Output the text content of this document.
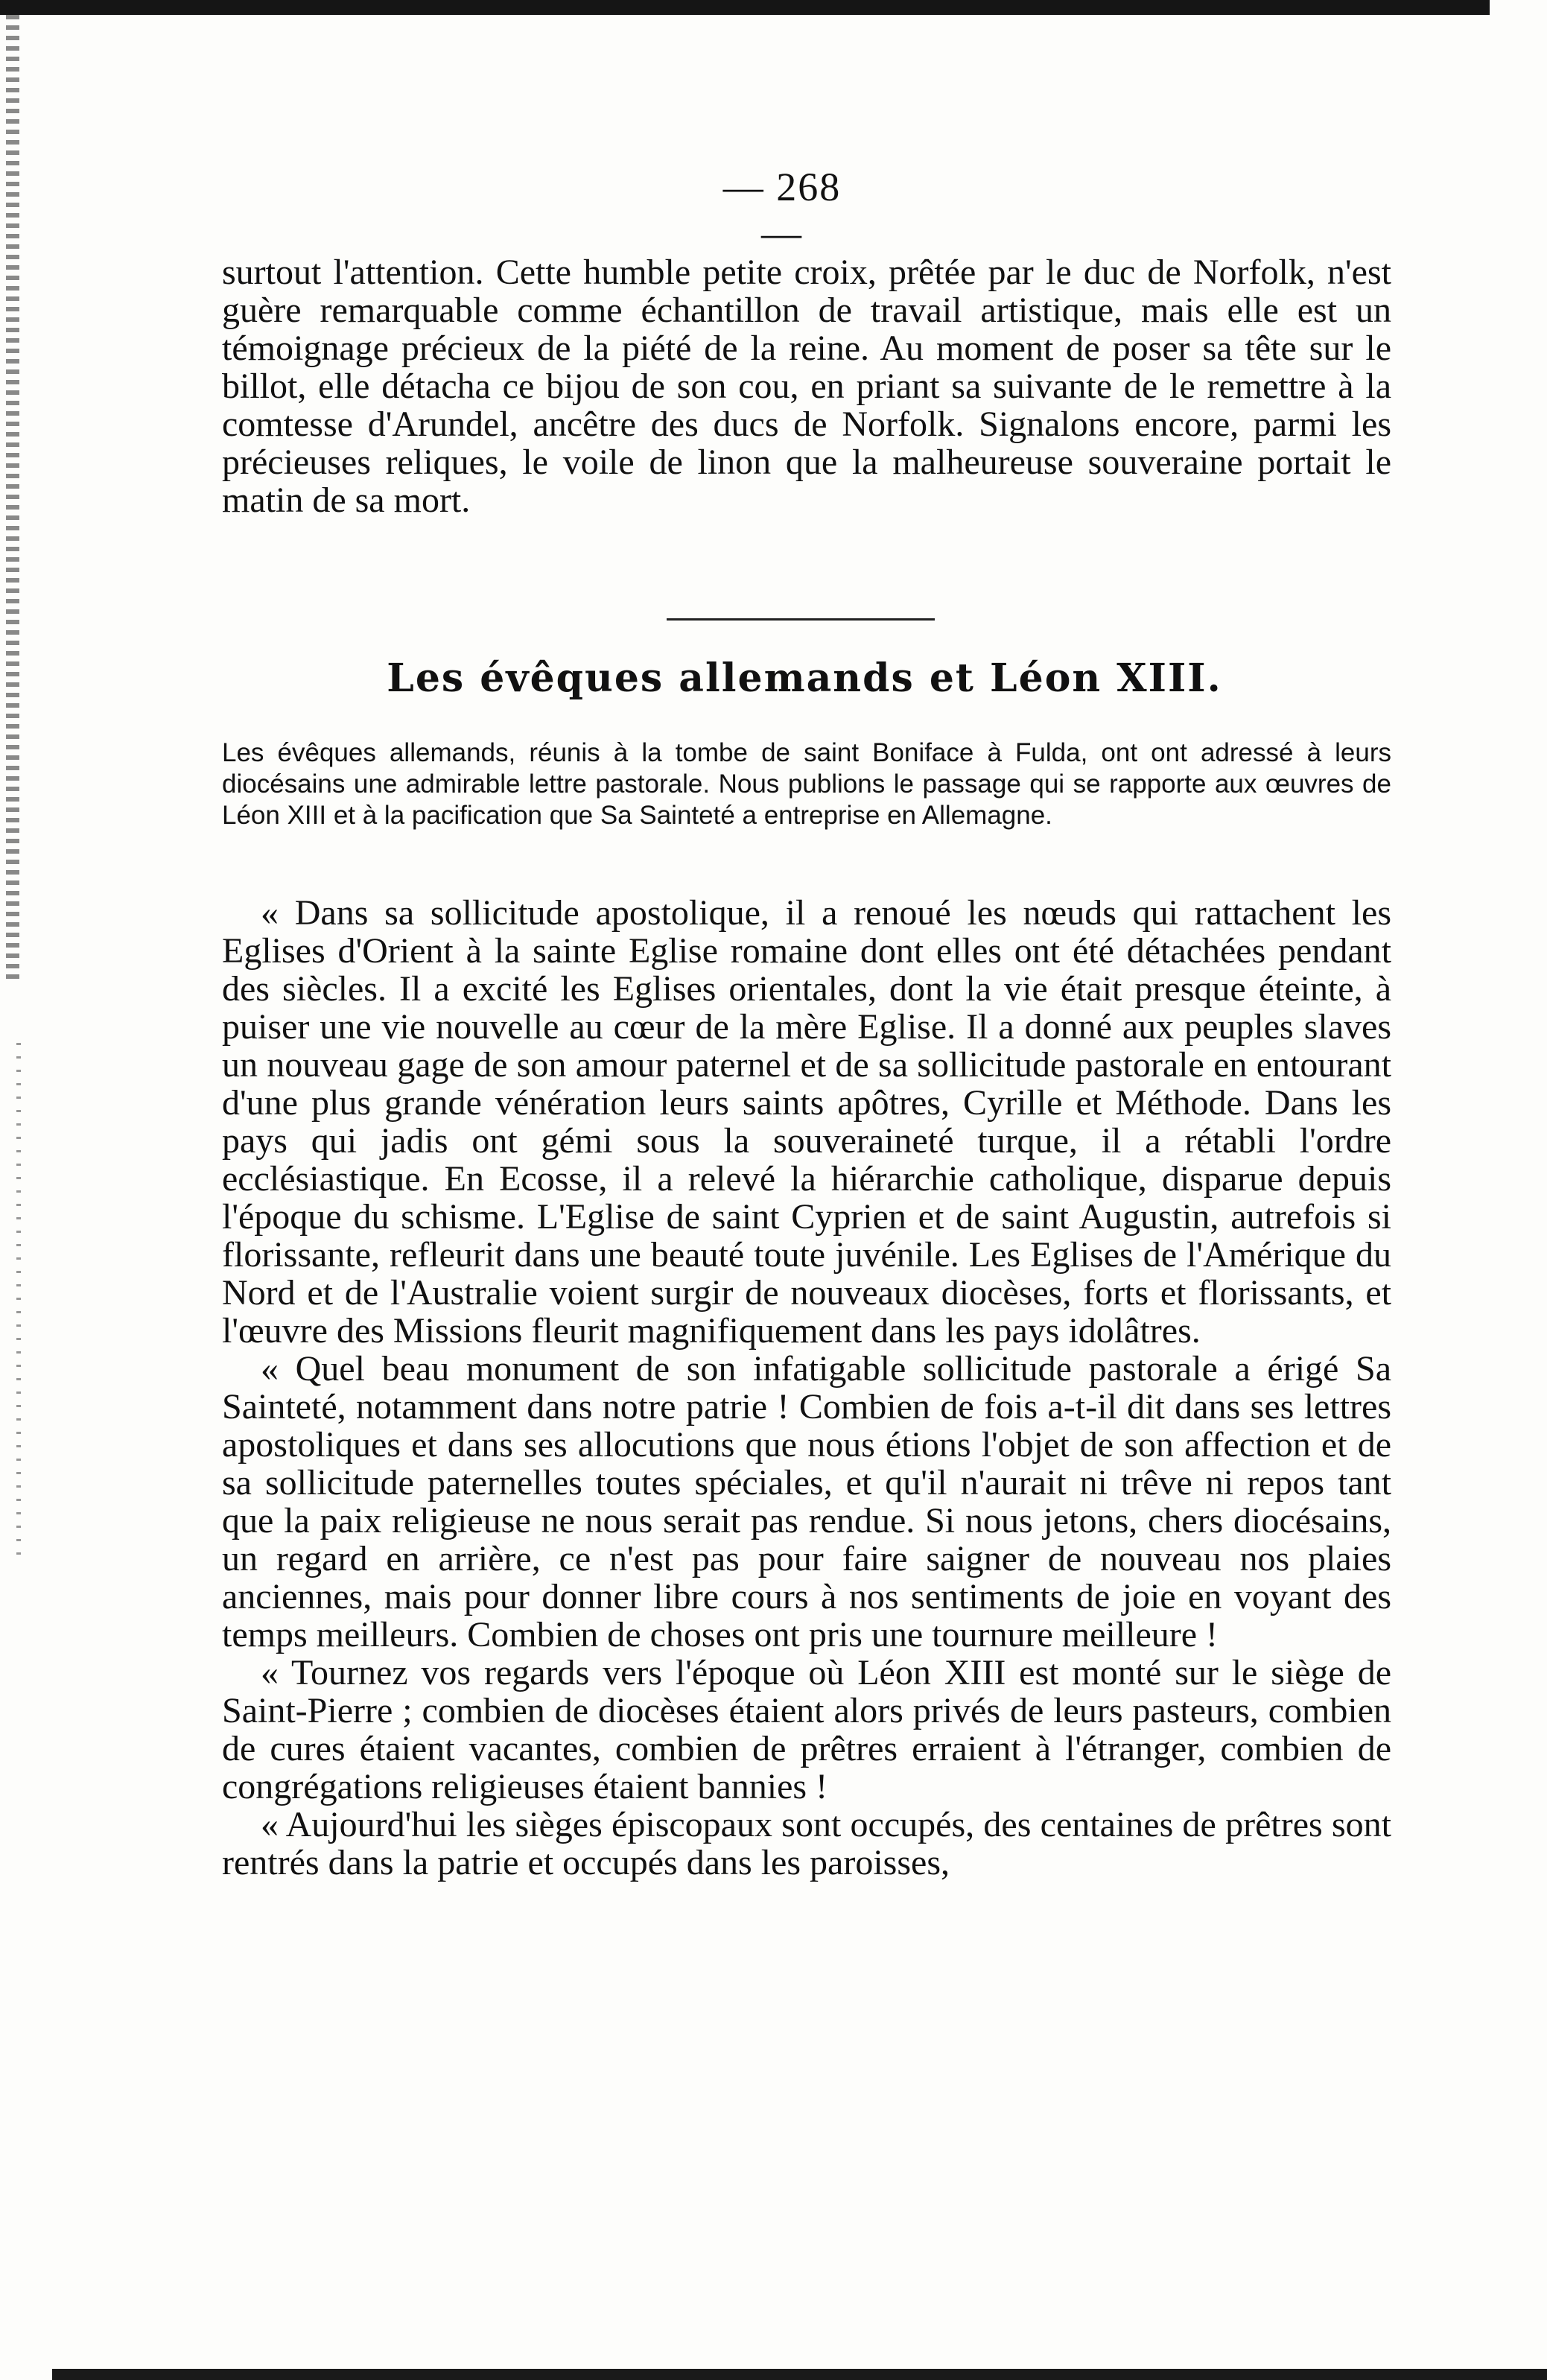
— 268 —

surtout l'attention. Cette humble petite croix, prêtée par le duc de Norfolk, n'est guère remarquable comme échantillon de travail artistique, mais elle est un témoignage précieux de la piété de la reine. Au moment de poser sa tête sur le billot, elle détacha ce bijou de son cou, en priant sa suivante de le remettre à la comtesse d'Arundel, ancêtre des ducs de Norfolk. Signalons encore, parmi les précieuses reliques, le voile de linon que la malheureuse souveraine portait le matin de sa mort.

Les évêques allemands et Léon XIII.
Les évêques allemands, réunis à la tombe de saint Boniface à Fulda, ont ont adressé à leurs diocésains une admirable lettre pastorale. Nous publions le passage qui se rapporte aux œuvres de Léon XIII et à la pacification que Sa Sainteté a entreprise en Allemagne.

« Dans sa sollicitude apostolique, il a renoué les nœuds qui rattachent les Eglises d'Orient à la sainte Eglise romaine dont elles ont été détachées pendant des siècles. Il a excité les Eglises orientales, dont la vie était presque éteinte, à puiser une vie nouvelle au cœur de la mère Eglise. Il a donné aux peuples slaves un nouveau gage de son amour paternel et de sa sollicitude pastorale en entourant d'une plus grande vénération leurs saints apôtres, Cyrille et Méthode. Dans les pays qui jadis ont gémi sous la souveraineté turque, il a rétabli l'ordre ecclésiastique. En Ecosse, il a relevé la hiérarchie catholique, disparue depuis l'époque du schisme. L'Eglise de saint Cyprien et de saint Augustin, autrefois si florissante, refleurit dans une beauté toute juvénile. Les Eglises de l'Amérique du Nord et de l'Australie voient surgir de nouveaux diocèses, forts et florissants, et l'œuvre des Missions fleurit magnifiquement dans les pays idolâtres.

« Quel beau monument de son infatigable sollicitude pastorale a érigé Sa Sainteté, notamment dans notre patrie ! Combien de fois a-t-il dit dans ses lettres apostoliques et dans ses allocutions que nous étions l'objet de son affection et de sa sollicitude paternelles toutes spéciales, et qu'il n'aurait ni trêve ni repos tant que la paix religieuse ne nous serait pas rendue. Si nous jetons, chers diocésains, un regard en arrière, ce n'est pas pour faire saigner de nouveau nos plaies anciennes, mais pour donner libre cours à nos sentiments de joie en voyant des temps meilleurs. Combien de choses ont pris une tournure meilleure !

« Tournez vos regards vers l'époque où Léon XIII est monté sur le siège de Saint-Pierre ; combien de diocèses étaient alors privés de leurs pasteurs, combien de cures étaient vacantes, combien de prêtres erraient à l'étranger, combien de congrégations religieuses étaient bannies !

« Aujourd'hui les sièges épiscopaux sont occupés, des centaines de prêtres sont rentrés dans la patrie et occupés dans les paroisses,
